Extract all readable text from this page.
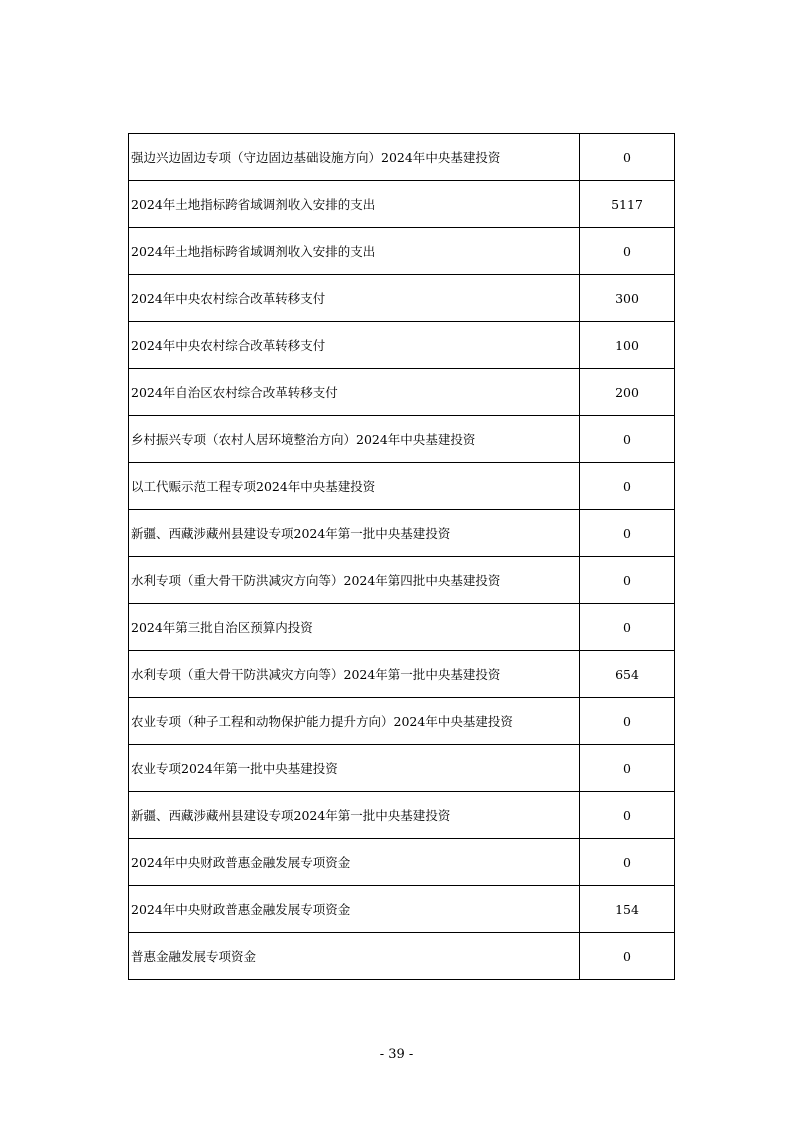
强边兴边固边专项（守边固边基础设施方向）2024年中央基建投资	0
2024年土地指标跨省域调剂收入安排的支出	5117
2024年土地指标跨省域调剂收入安排的支出	0
2024年中央农村综合改革转移支付	300
2024年中央农村综合改革转移支付	100
2024年自治区农村综合改革转移支付	200
乡村振兴专项（农村人居环境整治方向）2024年中央基建投资	0
以工代赈示范工程专项2024年中央基建投资	0
新疆、西藏涉藏州县建设专项2024年第一批中央基建投资	0
水利专项（重大骨干防洪减灾方向等）2024年第四批中央基建投资	0
2024年第三批自治区预算内投资	0
水利专项（重大骨干防洪减灾方向等）2024年第一批中央基建投资	654
农业专项（种子工程和动物保护能力提升方向）2024年中央基建投资	0
农业专项2024年第一批中央基建投资	0
新疆、西藏涉藏州县建设专项2024年第一批中央基建投资	0
2024年中央财政普惠金融发展专项资金	0
2024年中央财政普惠金融发展专项资金	154
普惠金融发展专项资金	0
- 39 -
